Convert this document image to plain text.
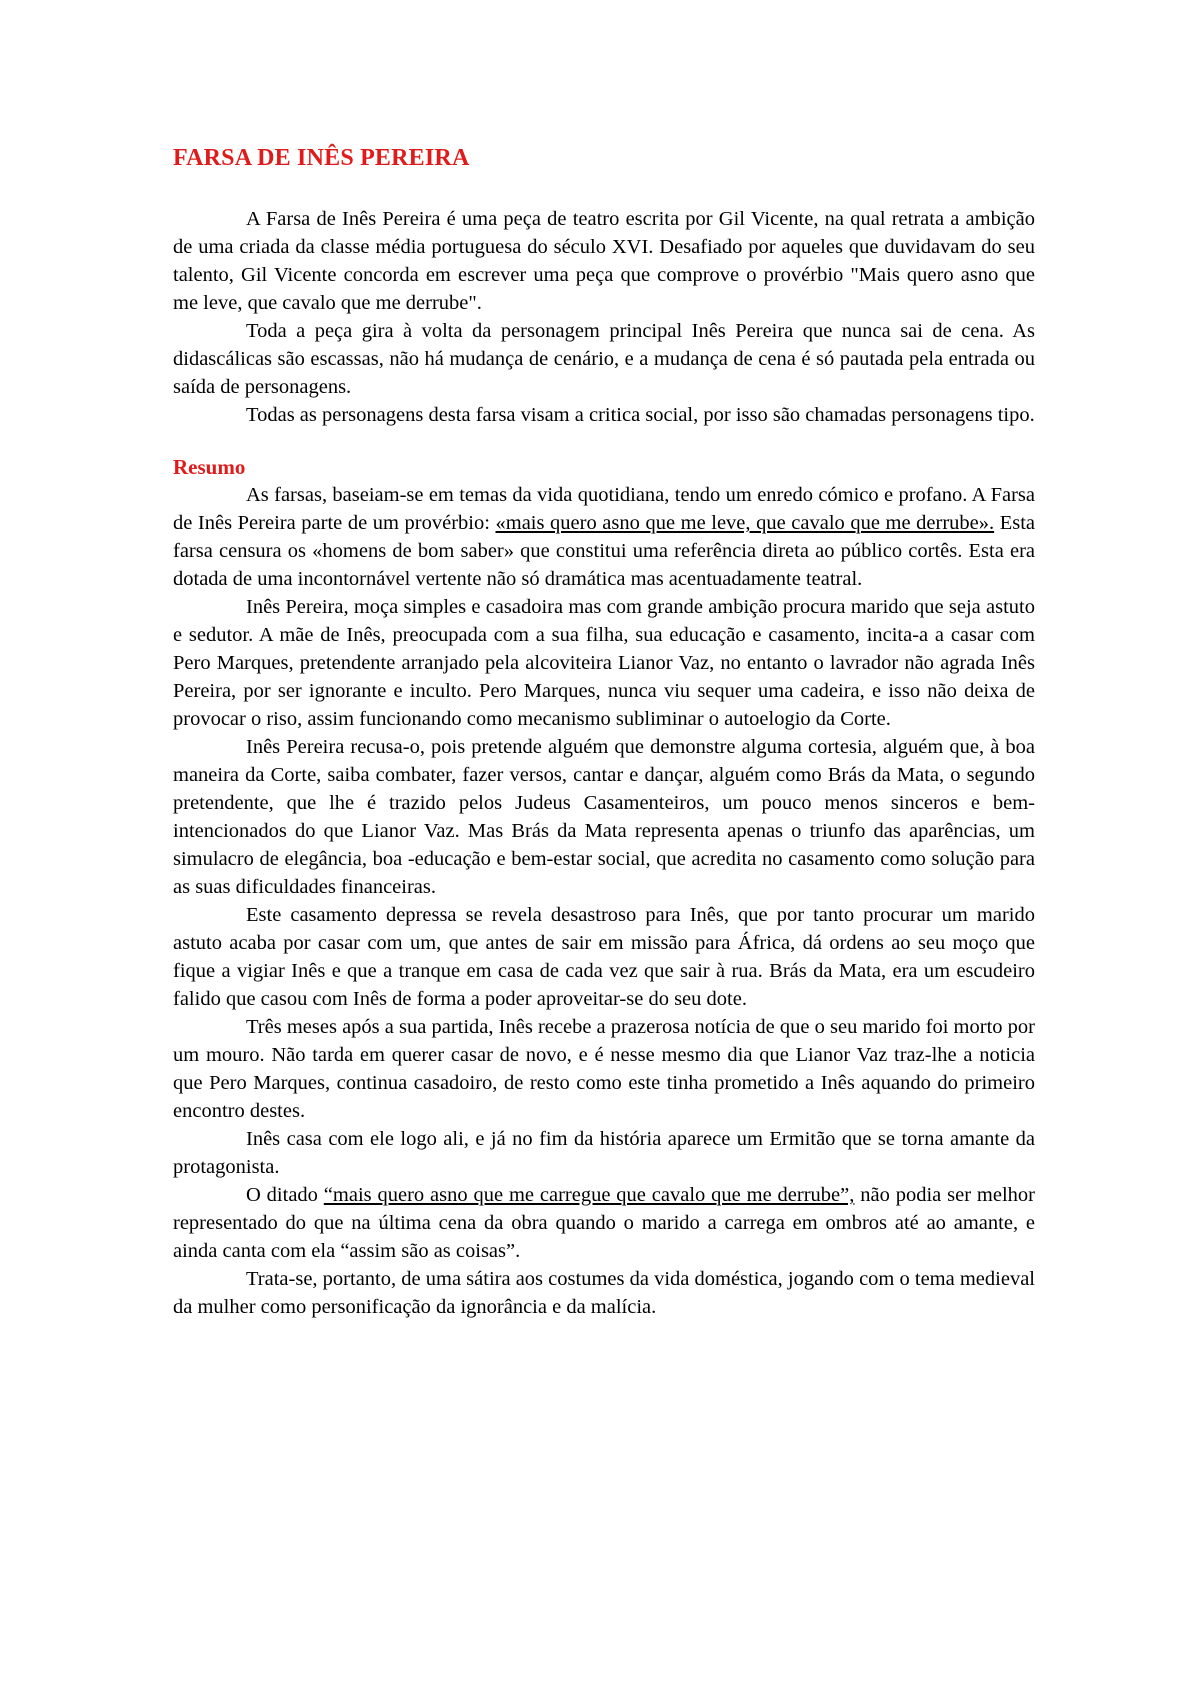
FARSA DE INÊS PEREIRA

A Farsa de Inês Pereira é uma peça de teatro escrita por Gil Vicente, na qual retrata a ambição de uma criada da classe média portuguesa do século XVI. Desafiado por aqueles que duvidavam do seu talento, Gil Vicente concorda em escrever uma peça que comprove o provérbio "Mais quero asno que me leve, que cavalo que me derrube".

Toda a peça gira à volta da personagem principal Inês Pereira que nunca sai de cena. As didascálicas são escassas, não há mudança de cenário, e a mudança de cena é só pautada pela entrada ou saída de personagens.

Todas as personagens desta farsa visam a critica social, por isso são chamadas personagens tipo.

Resumo

As farsas, baseiam-se em temas da vida quotidiana, tendo um enredo cómico e profano. A Farsa de Inês Pereira parte de um provérbio: «mais quero asno que me leve, que cavalo que me derrube». Esta farsa censura os «homens de bom saber» que constitui uma referência direta ao público cortês. Esta era dotada de uma incontornável vertente não só dramática mas acentuadamente teatral.

Inês Pereira, moça simples e casadoira mas com grande ambição procura marido que seja astuto e sedutor. A mãe de Inês, preocupada com a sua filha, sua educação e casamento, incita-a a casar com Pero Marques, pretendente arranjado pela alcoviteira Lianor Vaz, no entanto o lavrador não agrada Inês Pereira, por ser ignorante e inculto. Pero Marques, nunca viu sequer uma cadeira, e isso não deixa de provocar o riso, assim funcionando como mecanismo subliminar o autoelogio da Corte.

Inês Pereira recusa-o, pois pretende alguém que demonstre alguma cortesia, alguém que, à boa maneira da Corte, saiba combater, fazer versos, cantar e dançar, alguém como Brás da Mata, o segundo pretendente, que lhe é trazido pelos Judeus Casamenteiros, um pouco menos sinceros e bem-intencionados do que Lianor Vaz. Mas Brás da Mata representa apenas o triunfo das aparências, um simulacro de elegância, boa -educação e bem-estar social, que acredita no casamento como solução para as suas dificuldades financeiras.

Este casamento depressa se revela desastroso para Inês, que por tanto procurar um marido astuto acaba por casar com um, que antes de sair em missão para África, dá ordens ao seu moço que fique a vigiar Inês e que a tranque em casa de cada vez que sair à rua. Brás da Mata, era um escudeiro falido que casou com Inês de forma a poder aproveitar-se do seu dote.

Três meses após a sua partida, Inês recebe a prazerosa notícia de que o seu marido foi morto por um mouro. Não tarda em querer casar de novo, e é nesse mesmo dia que Lianor Vaz traz-lhe a noticia que Pero Marques, continua casadoiro, de resto como este tinha prometido a Inês aquando do primeiro encontro destes.

Inês casa com ele logo ali, e já no fim da história aparece um Ermitão que se torna amante da protagonista.

O ditado “mais quero asno que me carregue que cavalo que me derrube”, não podia ser melhor representado do que na última cena da obra quando o marido a carrega em ombros até ao amante, e ainda canta com ela “assim são as coisas”.

Trata-se, portanto, de uma sátira aos costumes da vida doméstica, jogando com o tema medieval da mulher como personificação da ignorância e da malícia.
